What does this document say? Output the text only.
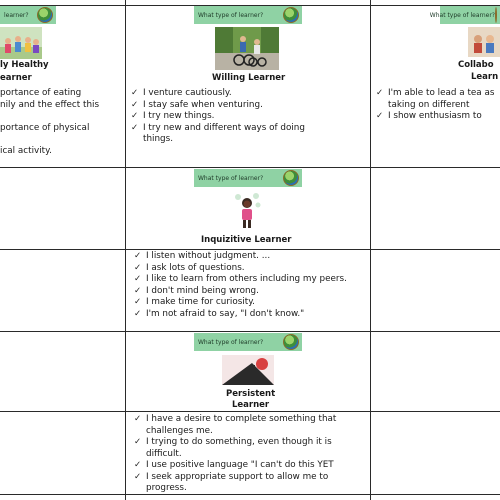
learner?
ly Healthy
earner
portance of eating
nily and the effect this
portance of physical
ical activity.
What type of learner?
Willing Learner
✓ I venture cautiously.
✓ I stay safe when venturing.
✓ I try new things.
✓ I try new and different ways of doing things.
What type of learner?
Collabo
Learn
✓ I'm able to lead a tea as taking on different
✓ I show enthusiasm to
What type of learner?
Inquizitive Learner
✓ I listen without judgment. ...
✓ I ask lots of questions.
✓ I like to learn from others including my peers.
✓ I don't mind being wrong.
✓ I make time for curiosity.
✓ I'm not afraid to say, "I don't know."
What type of learner?
Persistent
Learner
✓ I have a desire to complete something that challenges me.
✓ I trying to do something, even though it is difficult.
✓ I use positive language "I can't do this YET
✓ I seek appropriate support to allow me to progress.
